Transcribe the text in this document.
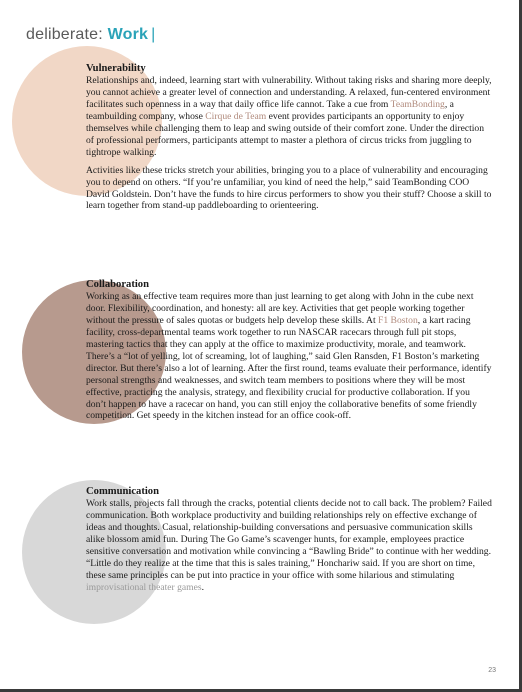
deliberate: Work |
Vulnerability

Relationships and, indeed, learning start with vulnerability. Without taking risks and sharing more deeply, you cannot achieve a greater level of connection and understanding. A relaxed, fun-centered environment facilitates such openness in a way that daily office life cannot. Take a cue from TeamBonding, a teambuilding company, whose Cirque de Team event provides participants an opportunity to enjoy themselves while challenging them to leap and swing outside of their comfort zone. Under the direction of professional performers, participants attempt to master a plethora of circus tricks from juggling to tightrope walking.

Activities like these tricks stretch your abilities, bringing you to a place of vulnerability and encouraging you to depend on others. “If you’re unfamiliar, you kind of need the help,” said TeamBonding COO David Goldstein. Don’t have the funds to hire circus performers to show you their stuff? Choose a skill to learn together from stand-up paddleboarding to orienteering.

Collaboration

Working as an effective team requires more than just learning to get along with John in the cube next door. Flexibility, coordination, and honesty: all are key. Activities that get people working together without the pressure of sales quotas or budgets help develop these skills. At F1 Boston, a kart racing facility, cross-departmental teams work together to run NASCAR racecars through full pit stops, mastering tactics that they can apply at the office to maximize productivity, morale, and teamwork. There’s a “lot of yelling, lot of screaming, lot of laughing,” said Glen Ransden, F1 Boston’s marketing director. But there’s also a lot of learning. After the first round, teams evaluate their performance, identify personal strengths and weaknesses, and switch team members to positions where they will be most effective, practicing the analysis, strategy, and flexibility crucial for productive collaboration. If you don’t happen to have a racecar on hand, you can still enjoy the collaborative benefits of some friendly competition. Get speedy in the kitchen instead for an office cook-off.

Communication

Work stalls, projects fall through the cracks, potential clients decide not to call back. The problem? Failed communication. Both workplace productivity and building relationships rely on effective exchange of ideas and thoughts. Casual, relationship-building conversations and persuasive communication skills alike blossom amid fun. During The Go Game’s scavenger hunts, for example, employees practice sensitive conversation and motivation while convincing a “Bawling Bride” to continue with her wedding. “Little do they realize at the time that this is sales training,” Honchariw said. If you are short on time, these same principles can be put into practice in your office with some hilarious and stimulating improvisational theater games.

23
